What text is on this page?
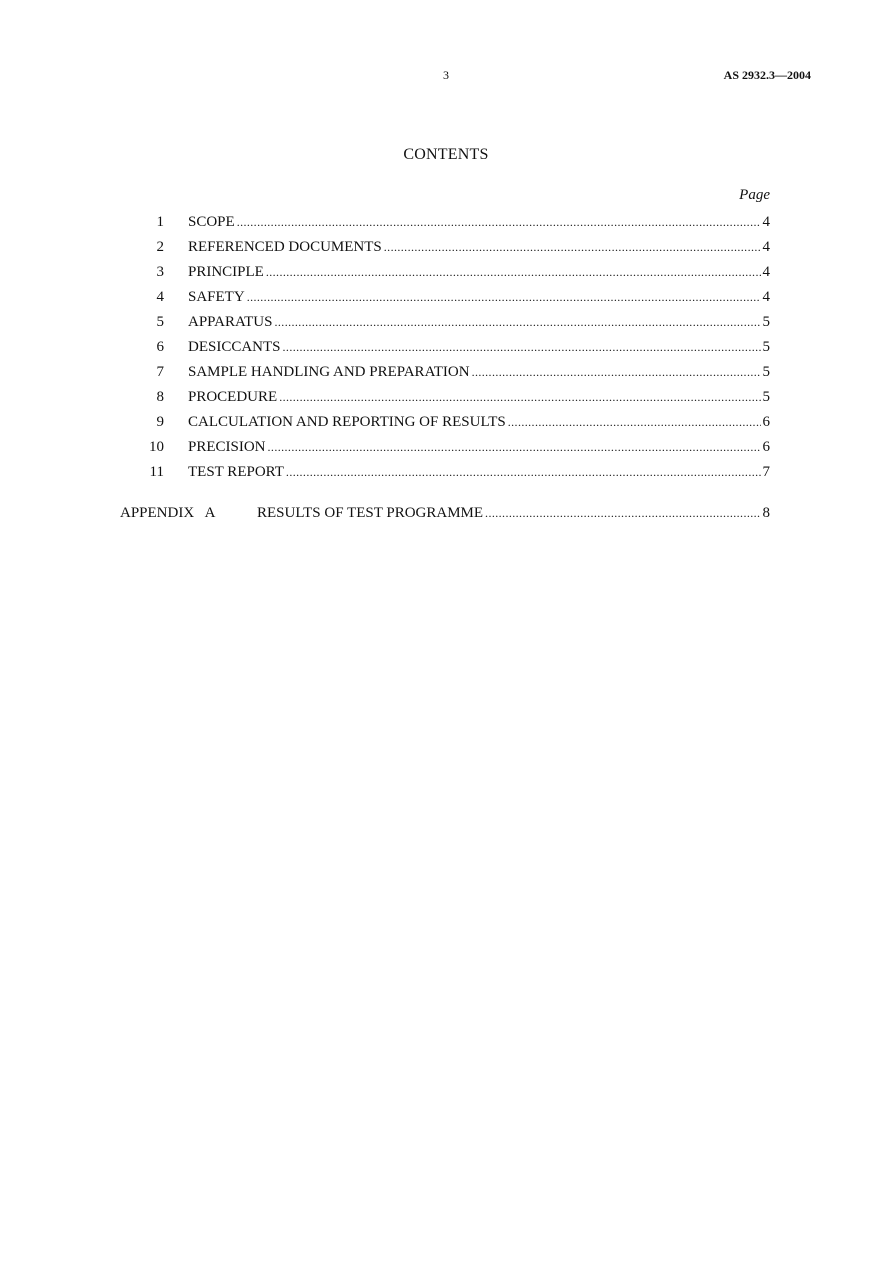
3	AS 2932.3—2004
CONTENTS
Page
1 SCOPE .....	4
2 REFERENCED DOCUMENTS .....	4
3 PRINCIPLE .....	4
4 SAFETY .....	4
5 APPARATUS .....	5
6 DESICCANTS .....	5
7 SAMPLE HANDLING AND PREPARATION .....	5
8 PROCEDURE .....	5
9 CALCULATION AND REPORTING OF RESULTS .....	6
10 PRECISION .....	6
11 TEST REPORT .....	7
APPENDIX   A	RESULTS OF TEST PROGRAMME .....	8
